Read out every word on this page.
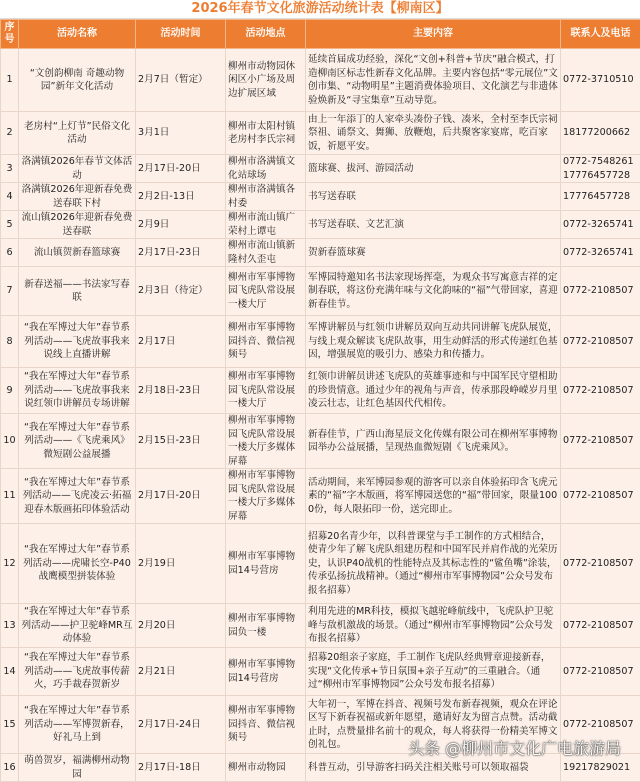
2026年春节文化旅游活动统计表【柳南区】
序号	活动名称	活动时间	活动地点	主要内容	联系人及电话
1	“文创韵柳南 奇趣动物园”新年文化活动	2月7日（暂定）	柳州市动物园休闲区小广场及周边扩展区域	延续首届成功经验，深化“文创+科普+节庆”融合模式，打造柳南区标志性新春文化品牌。主要内容包括“零元展位”文创市集、“动物明星”主题消费体验项目、文化演艺与非遗体验焕新及“寻宝集章”互动导览。	0772-3710510
2	老房村“上灯节”民俗文化活动	3月1日	柳州市太阳村镇老房村李氏宗祠	由上一年添丁的人家牵头凑份子钱、凑米，全村至李氏宗祠祭祖、诵祭文、舞狮、放鞭炮，后共聚客家宴席，吃百家饭，祈愿平安。	18177200662
3	洛满镇2026年春节文体活动	2月17日-20日	柳州市洛满镇文化站球场	篮球赛、拔河、游园活动	0772-7548261 17776457728
4	洛满镇2026年迎新春免费送春联下村	2月2日-13日	柳州市洛满镇各村委	书写送春联	17776457728
5	流山镇2026年迎新春免费送春联	2月9日	柳州市流山镇广荣村上谭屯	书写送春联、文艺汇演	0772-3265741
6	流山镇贺新春篮球赛	2月17日-23日	柳州市流山镇新隆村久歪屯	贺新春篮球赛	0772-3265741
7	新春送福——书法家写春联	2月3日（待定）	柳州市军事博物园飞虎队常设展一楼大厅	军博园特邀知名书法家现场挥毫，为观众书写寓意吉祥的定制春联，将这份充满年味与文化韵味的“福”气带回家，喜迎新春佳节。	0772-2108507
8	“我在军博过大年”春节系列活动——飞虎故事我来说线上直播讲解	2月17日	柳州市军事博物园抖音、微信视频号	军博讲解员与红领巾讲解员双向互动共同讲解飞虎队展览，与线上观众解读飞虎队故事，用生动鲜活的形式传递红色基因，增强展览的吸引力、感染力和传播力。	0772-2108507
9	“我在军博过大年”春节系列活动——飞虎故事我来说红领巾讲解员专场讲解	2月18日-23日	柳州市军事博物园飞虎队常设展一楼大厅	红领巾讲解员讲述飞虎队的英雄事迹和与中国军民守望相助的珍贵情意。通过少年的视角与声音，传承那段峥嵘岁月里凌云壮志，让红色基因代代相传。	0772-2108507
10	“我在军博过大年”春节系列活动——《飞虎乘风》微短剧公益展播	2月15日-23日	柳州市军事博物园飞虎队常设展一楼大厅多媒体屏幕	新春佳节，广西山海星辰文化传媒有限公司在柳州军事博物园举办公益展播，呈现热血微短剧《飞虎乘风》。	0772-2108507
11	“我在军博过大年”春节系列活动——飞虎凌云·拓福迎春木版画拓印体验活动	2月17日-20日	柳州市军事博物园飞虎队常设展一楼大厅多媒体屏幕	活动期间，来军博园参观的游客可以亲自体验拓印含飞虎元素的“福”字木版画，将军博园送您的“福”带回家，限量1000份，每人限拓印一份，送完即止。	0772-2108507
12	“我在军博过大年”春节系列活动——虎啸长空-P40战鹰模型拼装体验	2月19日	柳州市军事博物园14号营房	招募20名青少年，以科普课堂与手工制作的方式相结合，使青少年了解飞虎队组建历程和中国军民并肩作战的光荣历史，认识P40战机的性能特点及其标志性的“鲨鱼嘴”涂装，传承弘扬抗战精神。（通过“柳州市军事博物园”公众号发布报名招募）	0772-2108507
13	“我在军博过大年”春节系列活动——护卫驼峰MR互动体验	2月20日	柳州市军事博物园负一楼	利用先进的MR科技，模拟飞越驼峰航线中，飞虎队护卫驼峰与敌机激战的场景。（通过“柳州市军事博物园”公众号发布报名招募）	0772-2108507
14	“我在军博过大年”春节系列活动——飞虎故事传薪火，巧手裁春贺新岁	2月21日	柳州市军事博物园14号营房	招募20组亲子家庭，手工制作飞虎队经典臂章迎接新春，实现“文化传承+节日氛围+亲子互动”的三重融合。（通过“柳州市军事博物园”公众号发布报名招募）	0772-2108507
15	“我在军博过大年”春节系列活动——军博贺新春，好礼马上到	2月17日-24日	柳州市军事博物园抖音、微信视频号	大年初一，军博在抖音、视频号发布新春视频，观众在评论区写下新春祝福或新年愿望，邀请好友为留言点赞。活动截止时，点赞量排名前十的观众，每人将获得一份精美军博文创礼包。	0772-2108507
16	萌兽贺岁，福满柳州动物园	2月17日-18日	柳州市动物园	科普互动，引导游客扫码关注相关账号可以领取福袋	19217829021
头条 @柳州市文化广电旅游局
